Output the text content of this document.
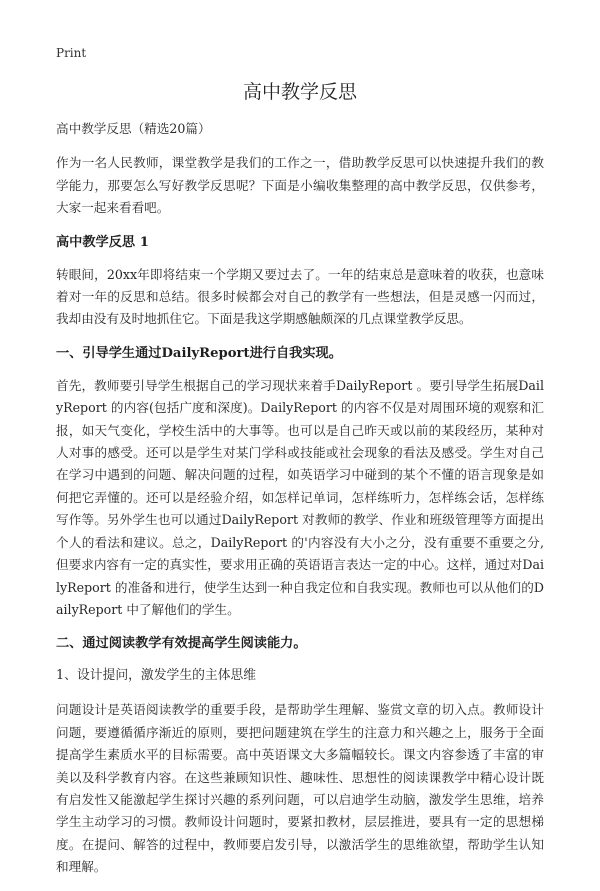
Print
高中教学反思

高中教学反思（精选20篇）

作为一名人民教师，课堂教学是我们的工作之一，借助教学反思可以快速提升我们的教学能力，那要怎么写好教学反思呢？下面是小编收集整理的高中教学反思，仅供参考，大家一起来看看吧。

高中教学反思 1

转眼间，20xx年即将结束一个学期又要过去了。一年的结束总是意味着的收获，也意味着对一年的反思和总结。很多时候都会对自己的教学有一些想法，但是灵感一闪而过，我却由没有及时地抓住它。下面是我这学期感触颇深的几点课堂教学反思。

一、引导学生通过DailyReport进行自我实现。

首先，教师要引导学生根据自己的学习现状来着手DailyReport 。要引导学生拓展DailyReport 的内容(包括广度和深度)。DailyReport 的内容不仅是对周围环境的观察和汇报，如天气变化，学校生活中的大事等。也可以是自己昨天或以前的某段经历，某种对人对事的感受。还可以是学生对某门学科或技能或社会现象的看法及感受。学生对自己在学习中遇到的问题、解决问题的过程，如英语学习中碰到的某个不懂的语言现象是如何把它弄懂的。还可以是经验介绍，如怎样记单词，怎样练听力，怎样练会话，怎样练写作等。另外学生也可以通过DailyReport 对教师的教学、作业和班级管理等方面提出个人的看法和建议。总之，DailyReport 的'内容没有大小之分，没有重要不重要之分,但要求内容有一定的真实性，要求用正确的英语语言表达一定的中心。这样，通过对DailyReport 的准备和进行，使学生达到一种自我定位和自我实现。教师也可以从他们的DailyReport 中了解他们的学生。

二、通过阅读教学有效提高学生阅读能力。
1、设计提问，激发学生的主体思维

问题设计是英语阅读教学的重要手段，是帮助学生理解、鉴赏文章的切入点。教师设计问题，要遵循循序渐近的原则，要把问题建筑在学生的注意力和兴趣之上，服务于全面提高学生素质水平的目标需要。高中英语课文大多篇幅较长。课文内容参透了丰富的审美以及科学教育内容。在这些兼顾知识性、趣味性、思想性的阅读课教学中精心设计既有启发性又能激起学生探讨兴趣的系列问题，可以启迪学生动脑，激发学生思维，培养学生主动学习的习惯。教师设计问题时，要紧扣教材，层层推进，要具有一定的思想梯度。在提问、解答的过程中，教师要启发引导，以激活学生的思维欲望，帮助学生认知和理解。
